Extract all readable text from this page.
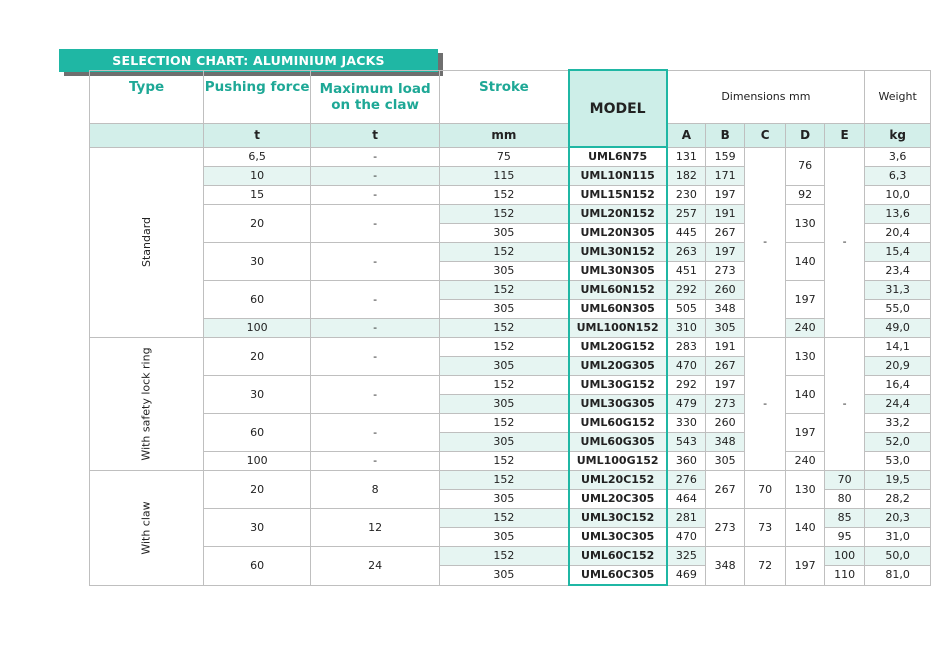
SELECTION CHART: ALUMINIUM JACKS
Type	Pushing force	Maximum load on the claw	Stroke	MODEL	Dimensions mm					Weight
	t	t	mm		A	B	C	D	E	kg
Standard	6,5	-	75	UML6N75	131	159	-	76	-	3,6
	10	-	115	UML10N115	182	171				6,3
	15	-	152	UML15N152	230	197		92		10,0
	20	-	152	UML20N152	257	191		130		13,6
			305	UML20N305	445	267				20,4
	30	-	152	UML30N152	263	197		140		15,4
			305	UML30N305	451	273				23,4
	60	-	152	UML60N152	292	260		197		31,3
			305	UML60N305	505	348				55,0
	100	-	152	UML100N152	310	305		240		49,0
With safety lock ring	20	-	152	UML20G152	283	191	-	130	-	14,1
			305	UML20G305	470	267				20,9
	30	-	152	UML30G152	292	197		140		16,4
			305	UML30G305	479	273				24,4
	60	-	152	UML60G152	330	260		197		33,2
			305	UML60G305	543	348				52,0
	100	-	152	UML100G152	360	305		240		53,0
With claw	20	8	152	UML20C152	276	267	70	130	70	19,5
			305	UML20C305	464				80	28,2
	30	12	152	UML30C152	281	273	73	140	85	20,3
			305	UML30C305	470				95	31,0
	60	24	152	UML60C152	325	348	72	197	100	50,0
			305	UML60C305	469				110	81,0
